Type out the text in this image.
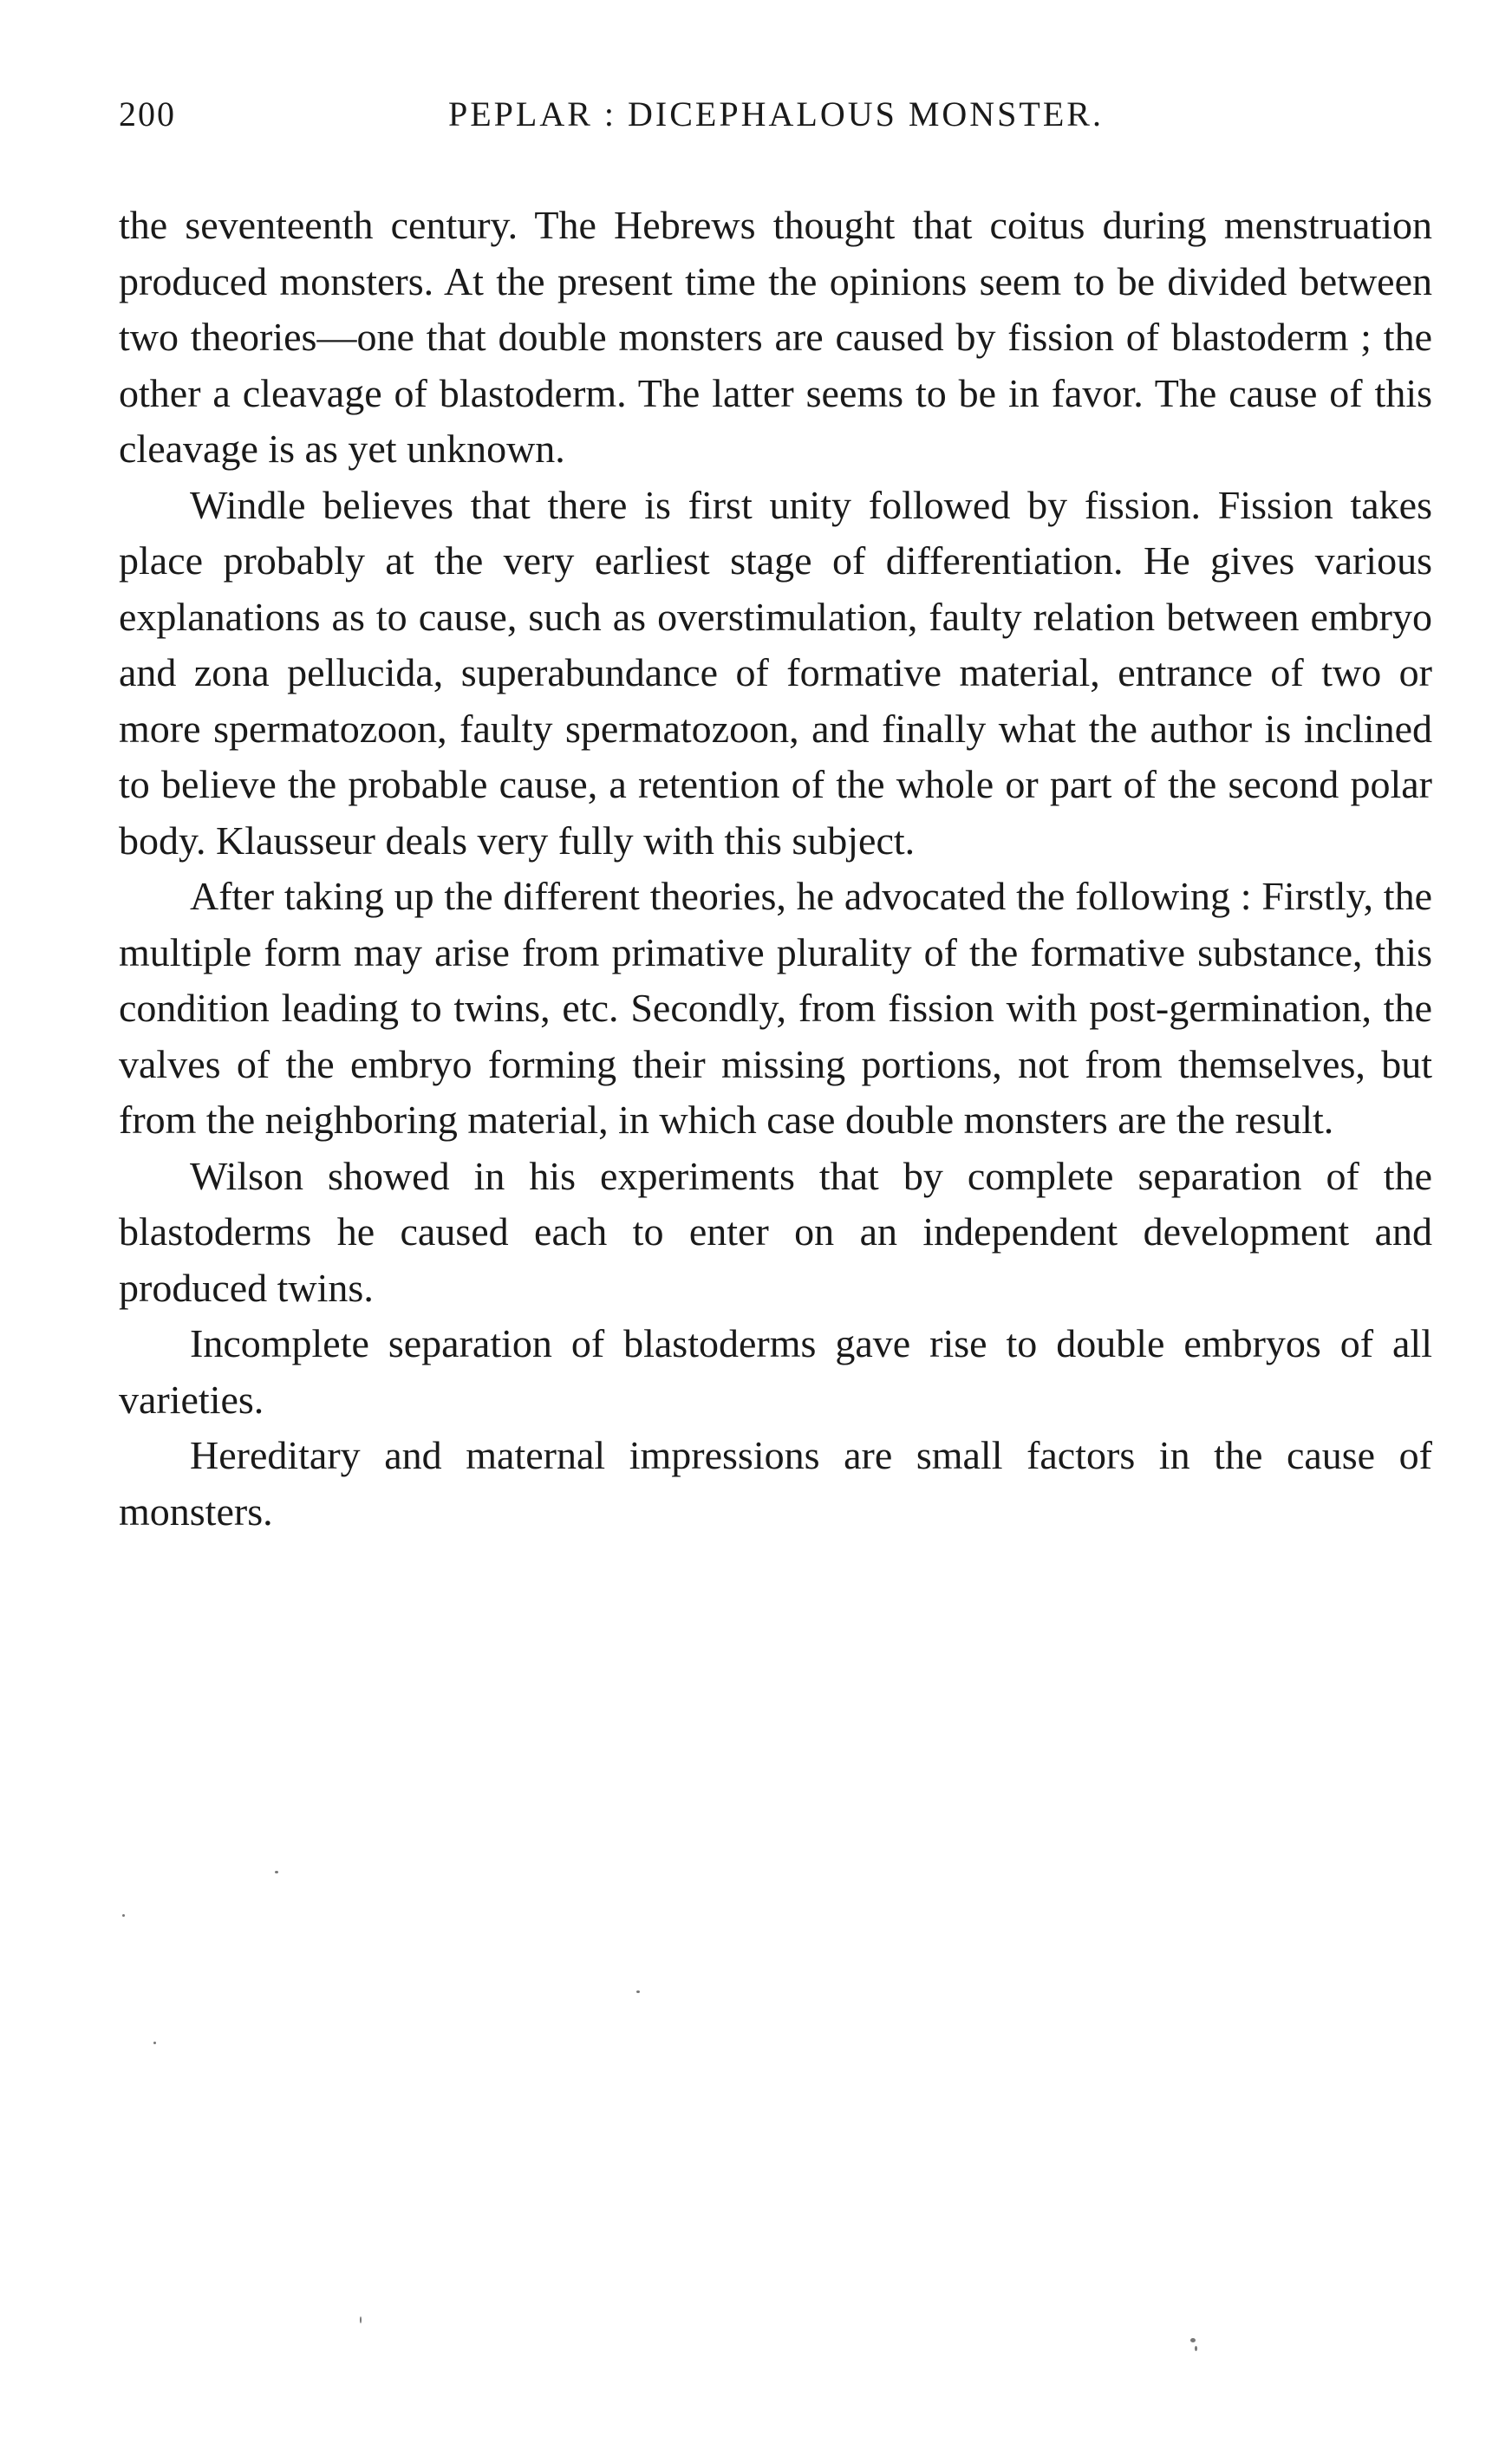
200	PEPLAR : DICEPHALOUS MONSTER.

the seventeenth century. The Hebrews thought that coitus during menstruation produced monsters. At the present time the opinions seem to be divided between two theories—one that double monsters are caused by fission of blastoderm ; the other a cleavage of blastoderm. The latter seems to be in favor. The cause of this cleavage is as yet unknown.

Windle believes that there is first unity followed by fission. Fission takes place probably at the very earliest stage of differentiation. He gives various explanations as to cause, such as overstimulation, faulty relation between embryo and zona pellucida, superabundance of formative material, entrance of two or more spermatozoon, faulty spermatozoon, and finally what the author is inclined to believe the probable cause, a retention of the whole or part of the second polar body. Klausseur deals very fully with this subject.

After taking up the different theories, he advocated the following : Firstly, the multiple form may arise from primative plurality of the formative substance, this condition leading to twins, etc. Secondly, from fission with post-germination, the valves of the embryo forming their missing portions, not from themselves, but from the neighboring material, in which case double monsters are the result.

Wilson showed in his experiments that by complete separation of the blastoderms he caused each to enter on an independent development and produced twins.

Incomplete separation of blastoderms gave rise to double embryos of all varieties.

Hereditary and maternal impressions are small factors in the cause of monsters.
